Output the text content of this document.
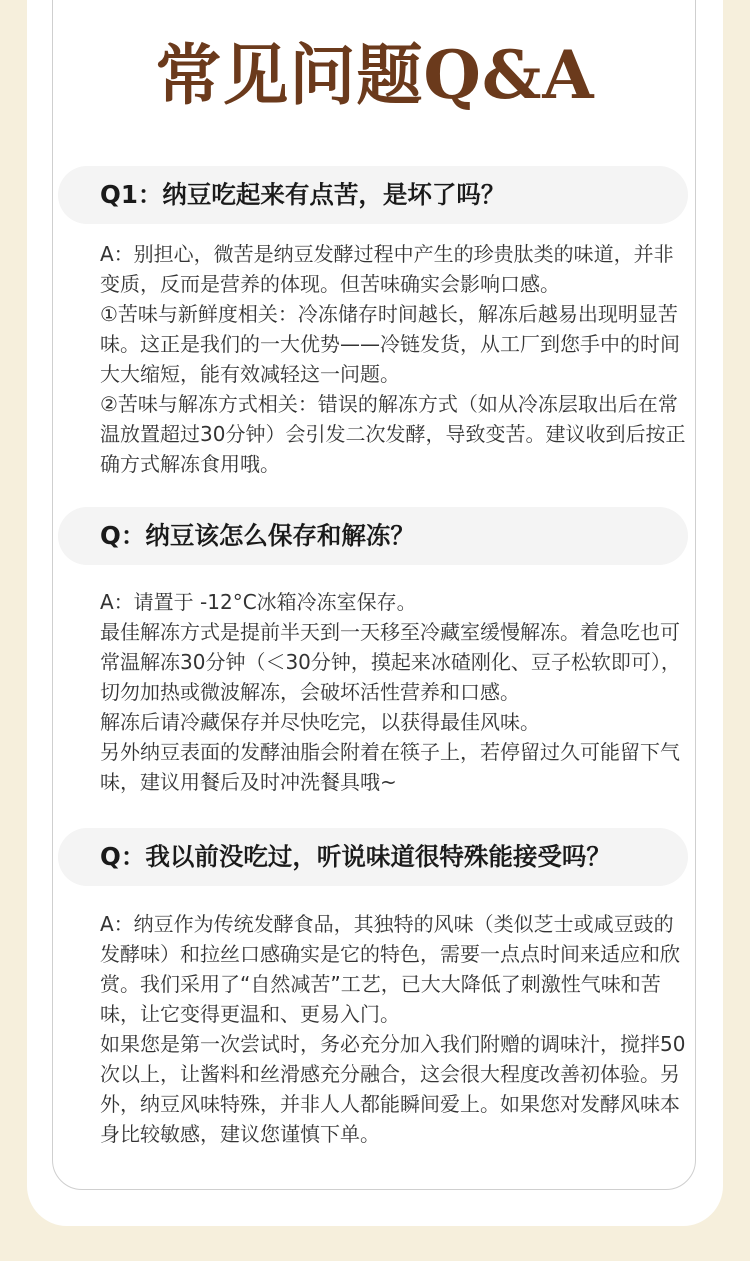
常见问题Q&A
Q1：纳豆吃起来有点苦，是坏了吗？

A：别担心，微苦是纳豆发酵过程中产生的珍贵肽类的味道，并非变质，反而是营养的体现。但苦味确实会影响口感。

①苦味与新鲜度相关：冷冻储存时间越长，解冻后越易出现明显苦味。这正是我们的一大优势——冷链发货，从工厂到您手中的时间大大缩短，能有效减轻这一问题。

②苦味与解冻方式相关：错误的解冻方式（如从冷冻层取出后在常温放置超过30分钟）会引发二次发酵，导致变苦。建议收到后按正确方式解冻食用哦。

Q：纳豆该怎么保存和解冻？

A：请置于 -12°C冰箱冷冻室保存。

最佳解冻方式是提前半天到一天移至冷藏室缓慢解冻。着急吃也可常温解冻30分钟（＜30分钟，摸起来冰碴刚化、豆子松软即可），切勿加热或微波解冻，会破坏活性营养和口感。

解冻后请冷藏保存并尽快吃完，以获得最佳风味。

另外纳豆表面的发酵油脂会附着在筷子上，若停留过久可能留下气味，建议用餐后及时冲洗餐具哦~

Q：我以前没吃过，听说味道很特殊能接受吗？

A：纳豆作为传统发酵食品，其独特的风味（类似芝士或咸豆豉的发酵味）和拉丝口感确实是它的特色，需要一点点时间来适应和欣赏。我们采用了“自然减苦”工艺，已大大降低了刺激性气味和苦味，让它变得更温和、更易入门。

如果您是第一次尝试时，务必充分加入我们附赠的调味汁，搅拌50次以上，让酱料和丝滑感充分融合，这会很大程度改善初体验。另外，纳豆风味特殊，并非人人都能瞬间爱上。如果您对发酵风味本身比较敏感，建议您谨慎下单。
